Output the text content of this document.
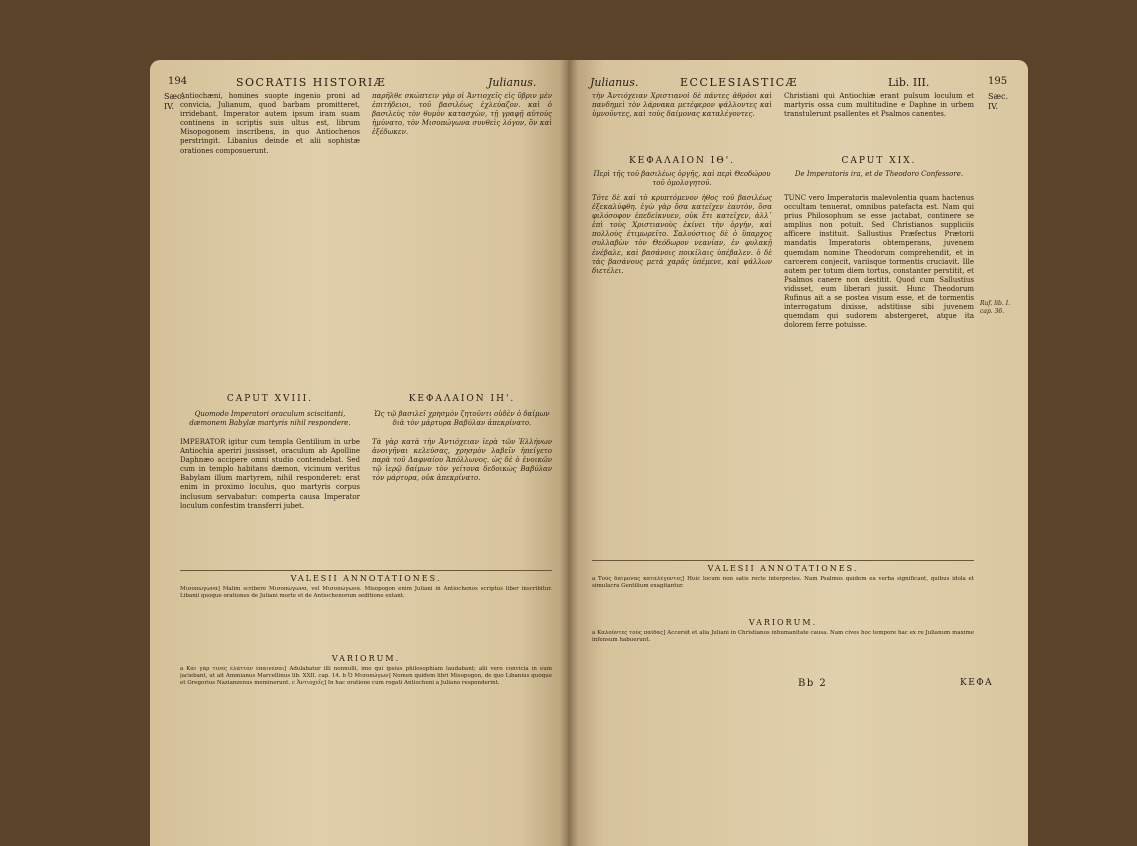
194	SOCRATIS HISTORIÆ	Julianus.
Sæc.
IV.
Antiochæni, homines suopte ingenio proni ad convicia, Julianum, quod barbam promitteret, irridebant. Imperator autem ipsum iram suam continens in scriptis suis ultus est, librum Misopogonem inscribens, in quo Antiochenos perstringit. Libanius deinde et alii sophistæ orationes composuerunt.
παρῆλθε σκώπτειν γὰρ οἱ Ἀντιοχεῖς εἰς ὕβριν μὲν ἐπιτήδειοι, τοῦ βασιλέως ἐχλεύαζον. καὶ ὁ βασιλεὺς τὸν θυμὸν κατασχὼν, τῇ γραφῇ αὐτοὺς ἠμύνατο, τὸν Μισοπώγωνα συνθεὶς λόγον, ὃν καὶ ἐξέδωκεν.
CAPUT XVIII.
Quomodo Imperatori oraculum sciscitanti, dæmonem Babylæ martyris nihil respondere.
ΚΕΦΑΛΑΙΟΝ ΙΗ'.
Ὡς τῷ βασιλεῖ χρησμὸν ζητοῦντι οὐδὲν ὁ δαίμων διὰ τὸν μάρτυρα Βαβύλαν ἀπεκρίνατο.
IMPERATOR igitur cum templa Gentilium in urbe Antiochia aperiri jussisset, oraculum ab Apolline Daphnæo accipere omni studio contendebat. Sed cum in templo habitans dæmon, vicinum veritus Babylam illum martyrem, nihil responderet: erat enim in proximo loculus, quo martyris corpus inclusum servabatur: comperta causa Imperator loculum confestim transferri jubet.
Τὰ γὰρ κατὰ τὴν Ἀντιόχειαν ἱερὰ τῶν Ἑλλήνων ἀνοιγῆναι κελεύσας, χρησμὸν λαβεῖν ἠπείγετο παρὰ τοῦ Δαφναίου Ἀπόλλωνος. ὡς δὲ ὁ ἐνοικῶν τῷ ἱερῷ δαίμων τὸν γείτονα δεδοικὼς Βαβύλαν τὸν μάρτυρα, οὐκ ἀπεκρίνατο.
VALESII ANNOTATIONES.
Μισοπώγωνα] Malim scribere Μισοπώγωνα, vel Μισοπώγωνα. Misopogon enim Juliani in Antiochenos scriptus liber inscribitur. Libanii quoque orationes de Juliani morte et de Antiochenorum seditione extant.
VARIORUM.
a Καὶ γὰρ τινες ἐλάττον ἐπαινέσαι] Adulabatur illi nonnulli, imo qui ipsius philosophiam laudabant; alii vero convicia in eum jaciebant, ut ait Ammianus Marcellinus lib. XXII. cap. 14. b Ὁ Μισοπώγων] Nomen quidem libri Misopogon, de quo Libanius quoque et Gregorius Nazianzenus meminerunt. c Ἀντιοχεῖς] In hac oratione cum rogati Antiocheni a Juliano responderint.
Julianus.	ECCLESIASTICÆ	Lib. III.	195
Sæc.
IV.
τὴν Ἀντιόχειαν Χριστιανοὶ δὲ πάντες ἀθρόοι καὶ πανδημεὶ τὸν λάρνακα μετέφερον ψάλλοντες καὶ ὑμνοῦντες, καὶ τοὺς δαίμονας καταλέγοντες.
Christiani qui Antiochiæ erant pulsum loculum et martyris ossa cum multitudine e Daphne in urbem transtulerunt psallentes et Psalmos canentes.
ΚΕΦΑΛΑΙΟΝ ΙΘ'.
Περὶ τῆς τοῦ βασιλέως ὀργῆς, καὶ περὶ Θεοδώρου τοῦ ὁμολογητοῦ.
CAPUT XIX.
De Imperatoris ira, et de Theodoro Confessore.
Τότε δὲ καὶ τὸ κρυπτόμενον ἦθος τοῦ βασιλέως ἐξεκαλύφθη. ἐγὼ γὰρ ὅσα κατεῖχεν ἑαυτὸν, ὅσα φιλόσοφον ἐπεδείκνυεν, οὐκ ἔτι κατεῖχεν, ἀλλ᾿ ἐπὶ τοὺς Χριστιανοὺς ἐκίνει τὴν ὀργὴν, καὶ πολλοὺς ἐτιμωρεῖτο. Σαλούστιος δὲ ὁ ὕπαρχος συλλαβὼν τὸν Θεόδωρον νεανίαν, ἐν φυλακῇ ἐνέβαλε, καὶ βασάνοις ποικίλαις ὑπέβαλεν. ὁ δὲ τὰς βασάνους μετὰ χαρᾶς ὑπέμενε, καὶ ψάλλων διετέλει.
TUNC vero Imperatoris malevolentia quam hactenus occultam tenuerat, omnibus patefacta est. Nam qui prius Philosophum se esse jactabat, continere se amplius non potuit. Sed Christianos suppliciis afficere instituit. Sallustius Præfectus Prætorii mandatis Imperatoris obtemperans, juvenem quemdam nomine Theodorum comprehendit, et in carcerem conjecit, variisque tormentis cruciavit. Ille autem per totum diem tortus, constanter perstitit, et Psalmos canere non destitit. Quod cum Sallustius vidisset, eum liberari jussit. Hunc Theodorum Rufinus ait a se postea visum esse, et de tormentis interrogatum dixisse, adstitisse sibi juvenem quemdam qui sudorem abstergeret, atque ita dolorem ferre potuisse.
Ruf. lib. I. cap. 36.
VALESII ANNOTATIONES.
a Τοὺς δαίμονας καταλέγοντες] Huic locum non satis recte interpretes. Nam Psalmos quidem ea verba significant, quibus idola et simulacra Gentilium exagitantur.
VARIORUM.
a Καλοῦντες τοὺς παῖδας] Accersit et alia Juliani in Christianos inhumanitate causa. Nam cives hoc tempore hac ex re Julianum maxime infensum habuerunt.
Bb 2	ΚΕΦΑ
